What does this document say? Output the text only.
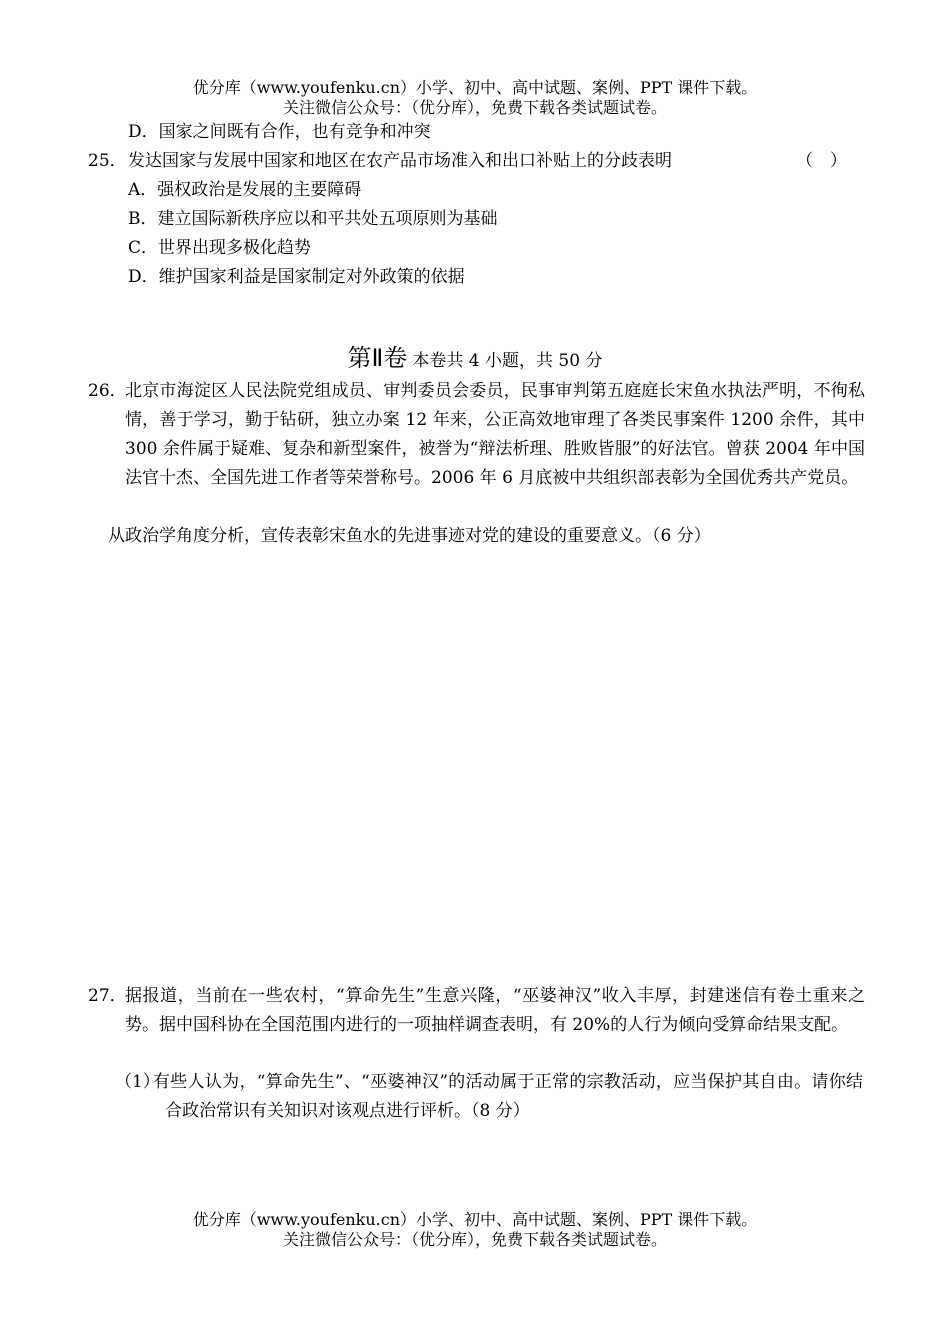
优分库（www.youfenku.cn）小学、初中、高中试题、案例、PPT 课件下载。
关注微信公众号：（优分库），免费下载各类试题试卷。
D．国家之间既有合作，也有竞争和冲突
25．发达国家与发展中国家和地区在农产品市场准入和出口补贴上的分歧表明	（　）
A．强权政治是发展的主要障碍
B．建立国际新秩序应以和平共处五项原则为基础
C．世界出现多极化趋势
D．维护国家利益是国家制定对外政策的依据
第Ⅱ卷 本卷共 4 小题，共 50 分
26．
北京市海淀区人民法院党组成员、审判委员会委员，民事审判第五庭庭长宋鱼水执法严明，不徇私情，善于学习，勤于钻研，独立办案 12 年来，公正高效地审理了各类民事案件 1200 余件，其中 300 余件属于疑难、复杂和新型案件，被誉为“辩法析理、胜败皆服”的好法官。曾获 2004 年中国法官十杰、全国先进工作者等荣誉称号。2006 年 6 月底被中共组织部表彰为全国优秀共产党员。
从政治学角度分析，宣传表彰宋鱼水的先进事迹对党的建设的重要意义。（6 分）
27．
据报道，当前在一些农村，“算命先生”生意兴隆，“巫婆神汉”收入丰厚，封建迷信有卷土重来之势。据中国科协在全国范围内进行的一项抽样调查表明，有 20%的人行为倾向受算命结果支配。
（1）
有些人认为，“算命先生”、“巫婆神汉”的活动属于正常的宗教活动，应当保护其自由。请你结合政治常识有关知识对该观点进行评析。（8 分）
优分库（www.youfenku.cn）小学、初中、高中试题、案例、PPT 课件下载。
关注微信公众号：（优分库），免费下载各类试题试卷。
